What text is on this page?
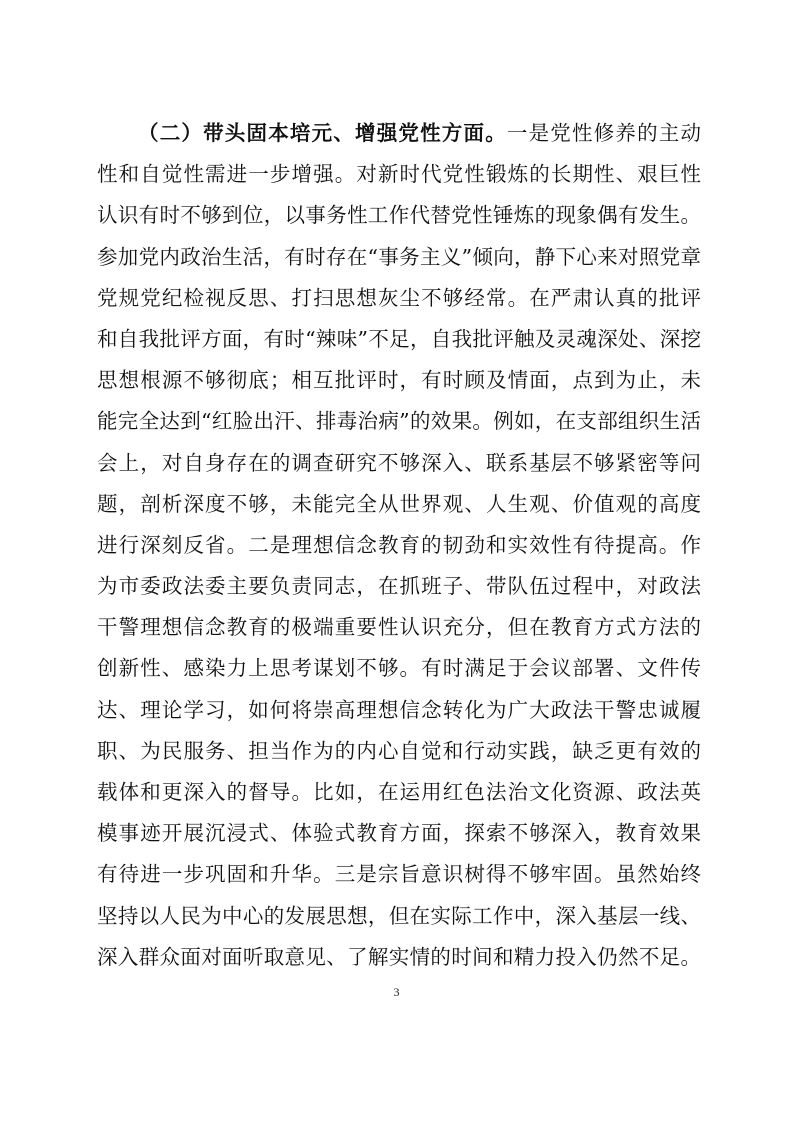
（二）带头固本培元、增强党性方面。一是党性修养的主动
性和自觉性需进一步增强。对新时代党性锻炼的长期性、艰巨性
认识有时不够到位，以事务性工作代替党性锤炼的现象偶有发生。
参加党内政治生活，有时存在“事务主义”倾向，静下心来对照党章
党规党纪检视反思、打扫思想灰尘不够经常。在严肃认真的批评
和自我批评方面，有时“辣味”不足，自我批评触及灵魂深处、深挖
思想根源不够彻底；相互批评时，有时顾及情面，点到为止，未
能完全达到“红脸出汗、排毒治病”的效果。例如，在支部组织生活
会上，对自身存在的调查研究不够深入、联系基层不够紧密等问
题，剖析深度不够，未能完全从世界观、人生观、价值观的高度
进行深刻反省。二是理想信念教育的韧劲和实效性有待提高。作
为市委政法委主要负责同志，在抓班子、带队伍过程中，对政法
干警理想信念教育的极端重要性认识充分，但在教育方式方法的
创新性、感染力上思考谋划不够。有时满足于会议部署、文件传
达、理论学习，如何将崇高理想信念转化为广大政法干警忠诚履
职、为民服务、担当作为的内心自觉和行动实践，缺乏更有效的
载体和更深入的督导。比如，在运用红色法治文化资源、政法英
模事迹开展沉浸式、体验式教育方面，探索不够深入，教育效果
有待进一步巩固和升华。三是宗旨意识树得不够牢固。虽然始终
坚持以人民为中心的发展思想，但在实际工作中，深入基层一线、
深入群众面对面听取意见、了解实情的时间和精力投入仍然不足。
3
